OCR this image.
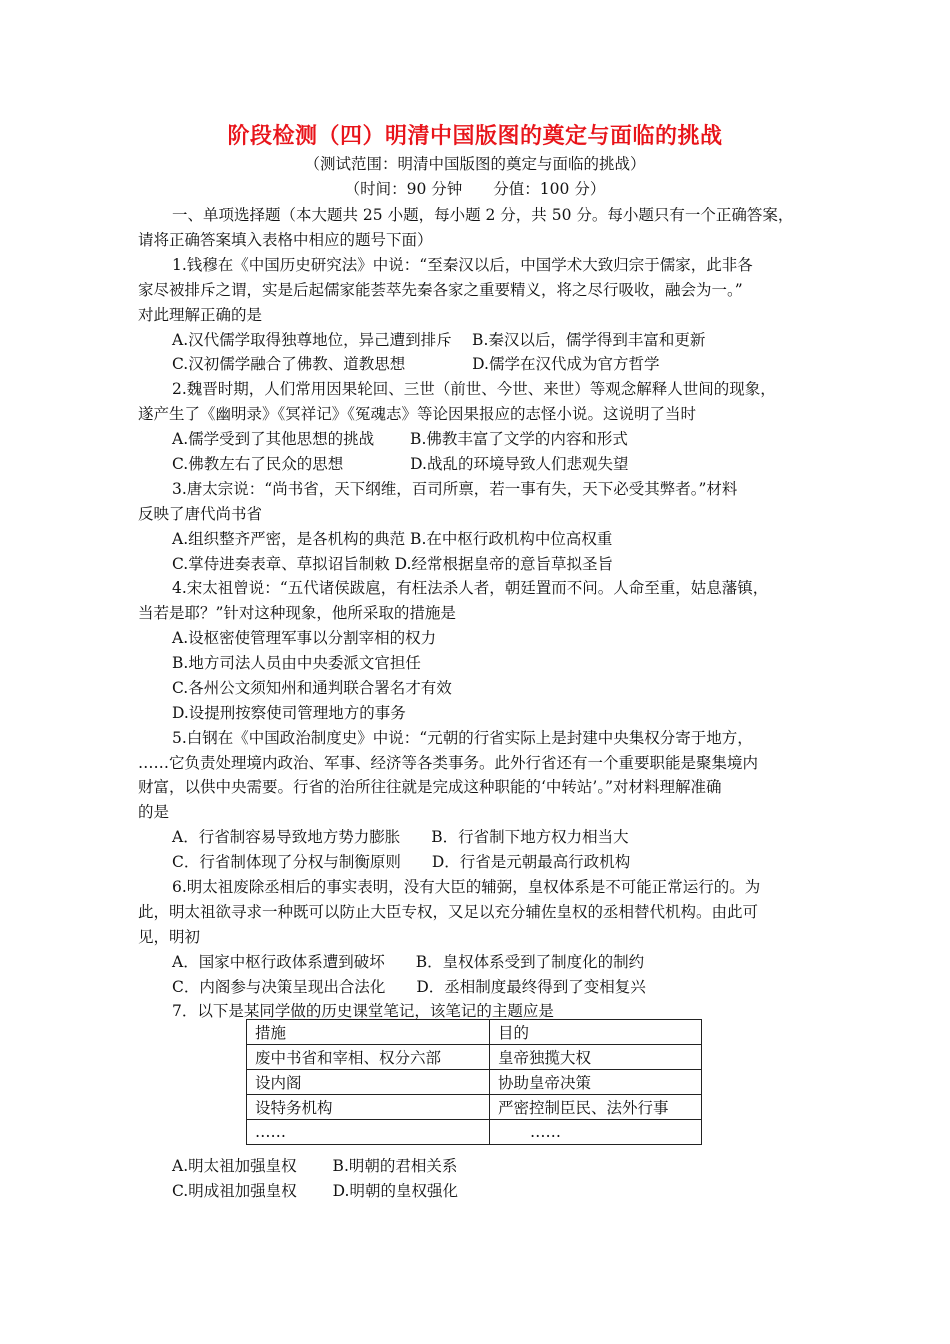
阶段检测（四）明清中国版图的奠定与面临的挑战
（测试范围：明清中国版图的奠定与面临的挑战）
（时间：90 分钟　　分值：100 分）
一、单项选择题（本大题共 25 小题，每小题 2 分，共 50 分。每小题只有一个正确答案，
请将正确答案填入表格中相应的题号下面）
1.钱穆在《中国历史研究法》中说：“至秦汉以后，中国学术大致归宗于儒家，此非各
家尽被排斥之谓，实是后起儒家能荟萃先秦各家之重要精义，将之尽行吸收，融会为一。”
对此理解正确的是
A.汉代儒学取得独尊地位，异己遭到排斥　 B.秦汉以后，儒学得到丰富和更新
C.汉初儒学融合了佛教、道教思想　　　　 D.儒学在汉代成为官方哲学
2.魏晋时期，人们常用因果轮回、三世（前世、今世、来世）等观念解释人世间的现象，
遂产生了《幽明录》《冥祥记》《冤魂志》等论因果报应的志怪小说。这说明了当时
A.儒学受到了其他思想的挑战　　 B.佛教丰富了文学的内容和形式
C.佛教左右了民众的思想　　　　 D.战乱的环境导致人们悲观失望
3.唐太宗说：“尚书省，天下纲维，百司所禀，若一事有失，天下必受其弊者。”材料
反映了唐代尚书省
A.组织整齐严密，是各机构的典范 B.在中枢行政机构中位高权重
C.掌侍进奏表章、草拟诏旨制敕 D.经常根据皇帝的意旨草拟圣旨
4.宋太祖曾说：“五代诸侯跋扈，有枉法杀人者，朝廷置而不问。人命至重，姑息藩镇，
当若是耶？”针对这种现象，他所采取的措施是
A.设枢密使管理军事以分割宰相的权力
B.地方司法人员由中央委派文官担任
C.各州公文须知州和通判联合署名才有效
D.设提刑按察使司管理地方的事务
5.白钢在《中国政治制度史》中说：“元朝的行省实际上是封建中央集权分寄于地方，
……它负责处理境内政治、军事、经济等各类事务。此外行省还有一个重要职能是聚集境内
财富，以供中央需要。行省的治所往往就是完成这种职能的‘中转站’。”对材料理解准确
的是
A．行省制容易导致地方势力膨胀　　B．行省制下地方权力相当大
C．行省制体现了分权与制衡原则　　D．行省是元朝最高行政机构
6.明太祖废除丞相后的事实表明，没有大臣的辅弼，皇权体系是不可能正常运行的。为
此，明太祖欲寻求一种既可以防止大臣专权，又足以充分辅佐皇权的丞相替代机构。由此可
见，明初
A．国家中枢行政体系遭到破坏　　B．皇权体系受到了制度化的制约
C．内阁参与决策呈现出合法化　　D．丞相制度最终得到了变相复兴
7．以下是某同学做的历史课堂笔记，该笔记的主题应是
措施	目的
废中书省和宰相、权分六部	皇帝独揽大权
设内阁	协助皇帝决策
设特务机构	严密控制臣民、法外行事
……	……
A.明太祖加强皇权　　 B.明朝的君相关系
C.明成祖加强皇权　　 D.明朝的皇权强化
